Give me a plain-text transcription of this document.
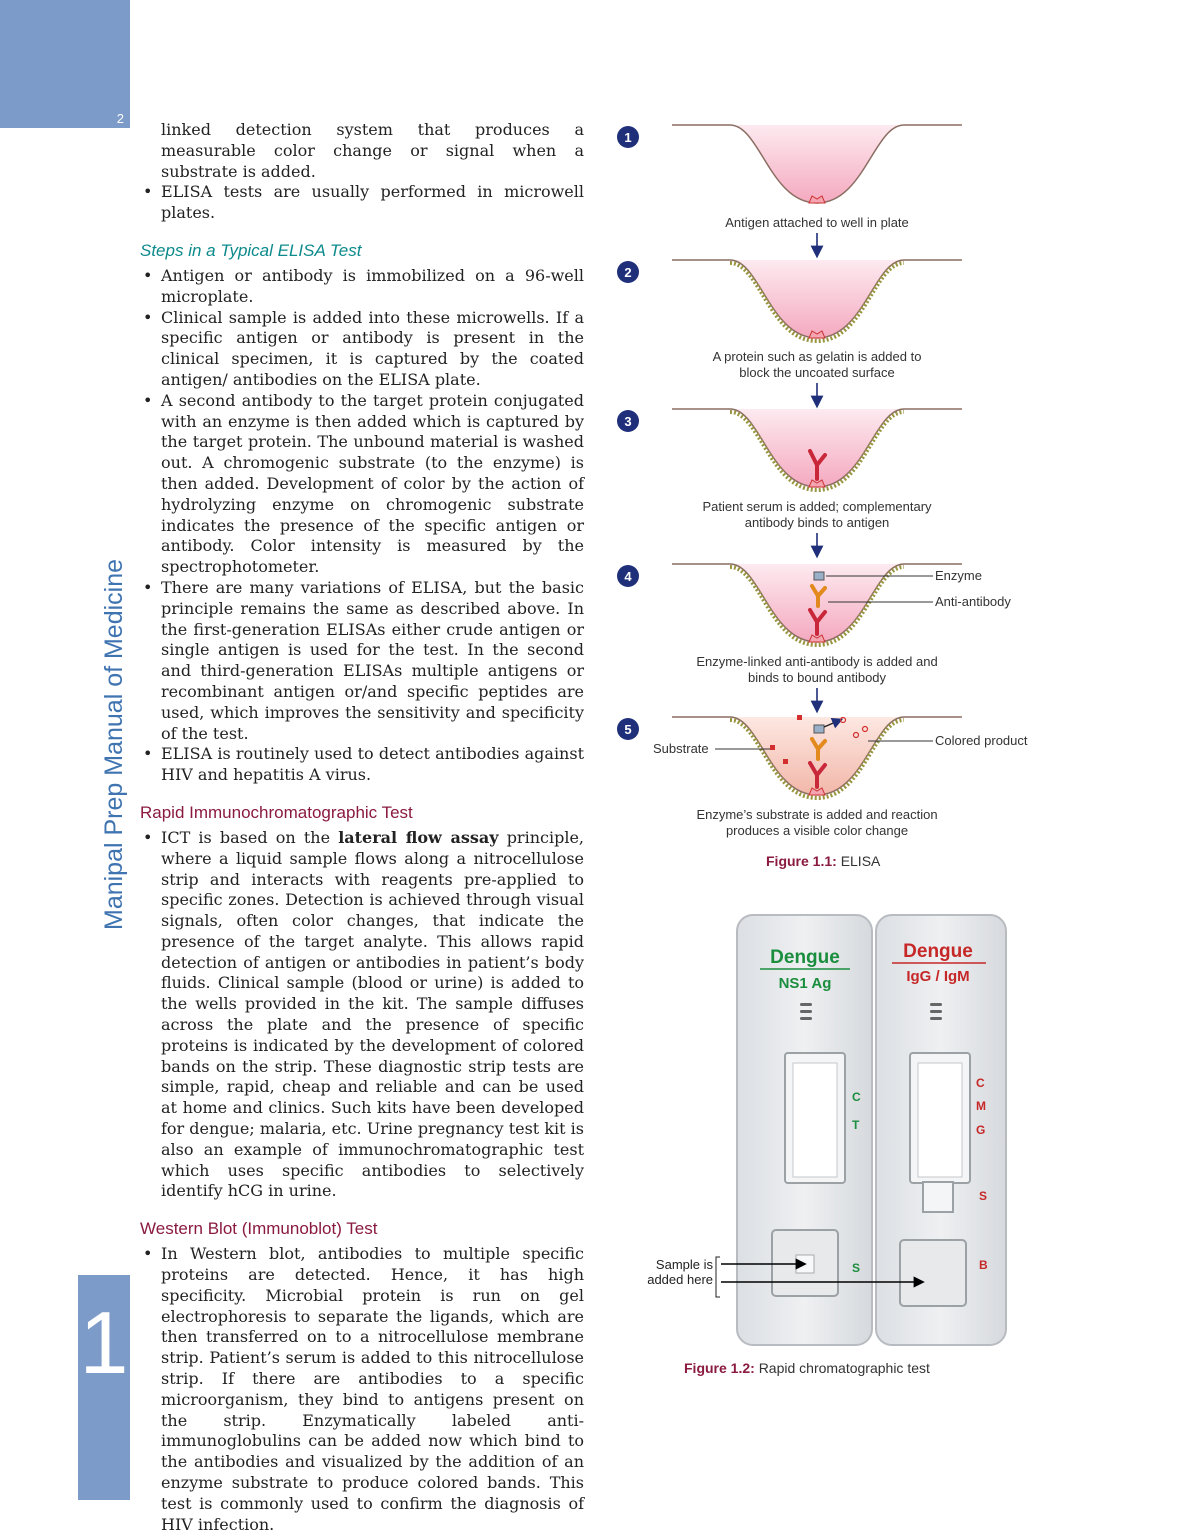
2
Manipal Prep Manual of Medicine
1

linked detection system that produces a measurable color change or signal when a substrate is added.

• ELISA tests are usually performed in microwell plates.
Steps in a Typical ELISA Test
• Antigen or antibody is immobilized on a 96-well microplate.
• Clinical sample is added into these microwells. If a specific antigen or antibody is present in the clinical specimen, it is captured by the coated antigen/ antibodies on the ELISA plate.
• A second antibody to the target protein conjugated with an enzyme is then added which is captured by the target protein. The unbound material is washed out. A chromogenic substrate (to the enzyme) is then added. Development of color by the action of hydrolyzing enzyme on chromogenic substrate indicates the presence of the specific antigen or antibody. Color intensity is measured by the spectrophotometer.
• There are many variations of ELISA, but the basic principle remains the same as described above. In the first-generation ELISAs either crude antigen or single antigen is used for the test. In the second and third-generation ELISAs multiple antigens or recombinant antigen or/and specific peptides are used, which improves the sensitivity and specificity of the test.
• ELISA is routinely used to detect antibodies against HIV and hepatitis A virus.
Rapid Immunochromatographic Test
• ICT is based on the lateral flow assay principle, where a liquid sample flows along a nitrocellulose strip and interacts with reagents pre-applied to specific zones. Detection is achieved through visual signals, often color changes, that indicate the presence of the target analyte. This allows rapid detection of antigen or antibodies in patient’s body fluids. Clinical sample (blood or urine) is added to the wells provided in the kit. The sample diffuses across the plate and the presence of specific proteins is indicated by the development of colored bands on the strip. These diagnostic strip tests are simple, rapid, cheap and reliable and can be used at home and clinics. Such kits have been developed for dengue; malaria, etc. Urine pregnancy test kit is also an example of immunochromatographic test which uses specific antibodies to selectively identify hCG in urine.
Western Blot (Immunoblot) Test
• In Western blot, antibodies to multiple specific proteins are detected. Hence, it has high specificity. Microbial protein is run on gel electrophoresis to separate the ligands, which are then transferred on to a nitrocellulose membrane strip. Patient’s serum is added to this nitrocellulose strip. If there are antibodies to a specific microorganism, they bind to antigens present on the strip. Enzymatically labeled anti-immunoglobulins can be added now which bind to the antibodies and visualized by the addition of an enzyme substrate to produce colored bands. This test is commonly used to confirm the diagnosis of HIV infection.
1
Antigen attached to well in plate
2
A protein such as gelatin is added to
block the uncoated surface
3
Patient serum is added; complementary
antibody binds to antigen
4	Enzyme
Anti-antibody
Enzyme-linked anti-antibody is added and
binds to bound antibody
5
Substrate
Colored product
Enzyme’s substrate is added and reaction
produces a visible color change
Figure 1.1: ELISA
Dengue
NS1 Ag
C
T
S
Dengue
IgG / IgM
C
M
G
S
B
Sample is
added here
Figure 1.2: Rapid chromatographic test
